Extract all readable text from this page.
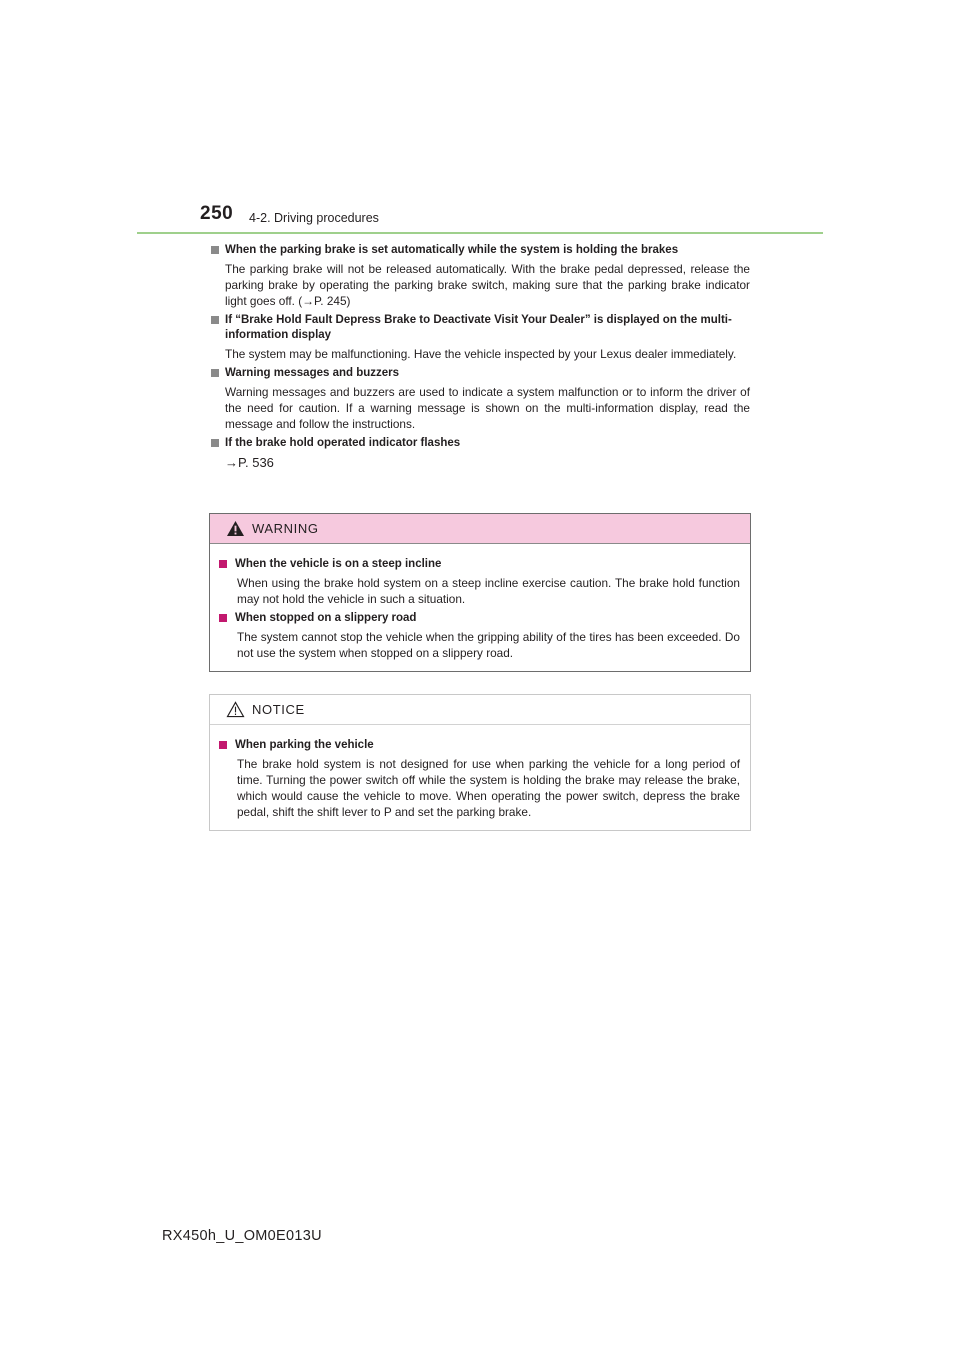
250 4-2. Driving procedures
When the parking brake is set automatically while the system is holding the brakes
The parking brake will not be released automatically. With the brake pedal depressed, release the parking brake by operating the parking brake switch, making sure that the parking brake indicator light goes off. (→P. 245)
If “Brake Hold Fault Depress Brake to Deactivate Visit Your Dealer” is displayed on the multi-information display
The system may be malfunctioning. Have the vehicle inspected by your Lexus dealer immediately.
Warning messages and buzzers
Warning messages and buzzers are used to indicate a system malfunction or to inform the driver of the need for caution. If a warning message is shown on the multi-information display, read the message and follow the instructions.
If the brake hold operated indicator flashes
→P. 536
WARNING
When the vehicle is on a steep incline
When using the brake hold system on a steep incline exercise caution. The brake hold function may not hold the vehicle in such a situation.
When stopped on a slippery road
The system cannot stop the vehicle when the gripping ability of the tires has been exceeded. Do not use the system when stopped on a slippery road.
NOTICE
When parking the vehicle
The brake hold system is not designed for use when parking the vehicle for a long period of time. Turning the power switch off while the system is holding the brake may release the brake, which would cause the vehicle to move. When operating the power switch, depress the brake pedal, shift the shift lever to P and set the parking brake.
RX450h_U_OM0E013U
